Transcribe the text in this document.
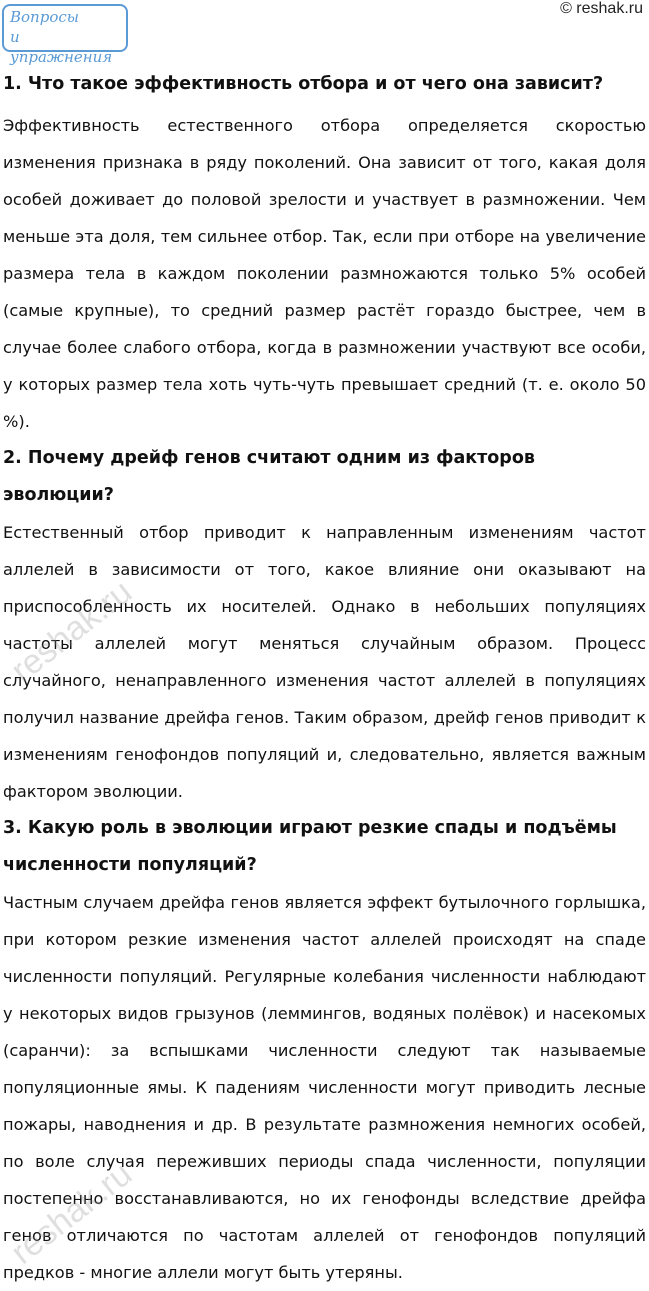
Вопросы
и упражнения
© reshak.ru

1. Что такое эффективность отбора и от чего она зависит?

Эффективность естественного отбора определяется скоростью изменения признака в ряду поколений. Она зависит от того, какая доля особей доживает до половой зрелости и участвует в размножении. Чем меньше эта доля, тем сильнее отбор. Так, если при отборе на увеличение размера тела в каждом поколении размножаются только 5% особей (самые крупные), то средний размер растёт гораздо быстрее, чем в случае более слабого отбора, когда в размножении участвуют все особи, у которых размер тела хоть чуть-чуть превышает средний (т. е. около 50 %).

2. Почему дрейф генов считают одним из факторов эволюции?

Естественный отбор приводит к направленным изменениям частот аллелей в зависимости от того, какое влияние они оказывают на приспособленность их носителей. Однако в небольших популяциях частоты аллелей могут меняться случайным образом. Процесс случайного, ненаправленного изменения частот аллелей в популяциях получил название дрейфа генов. Таким образом, дрейф генов приводит к изменениям генофондов популяций и, следовательно, является важным фактором эволюции.

3. Какую роль в эволюции играют резкие спады и подъёмы численности популяций?

Частным случаем дрейфа генов является эффект бутылочного горлышка, при котором резкие изменения частот аллелей происходят на спаде численности популяций. Регулярные колебания численности наблюдают у некоторых видов грызунов (леммингов, водяных полёвок) и насекомых (саранчи): за вспышками численности следуют так называемые популяционные ямы. К падениям численности могут приводить лесные пожары, наводнения и др. В результате размножения немногих особей, по воле случая переживших периоды спада численности, популяции постепенно восстанавливаются, но их генофонды вследствие дрейфа генов отличаются по частотам аллелей от генофондов популяций предков - многие аллели могут быть утеряны.

reshak.ru
reshak.ru
